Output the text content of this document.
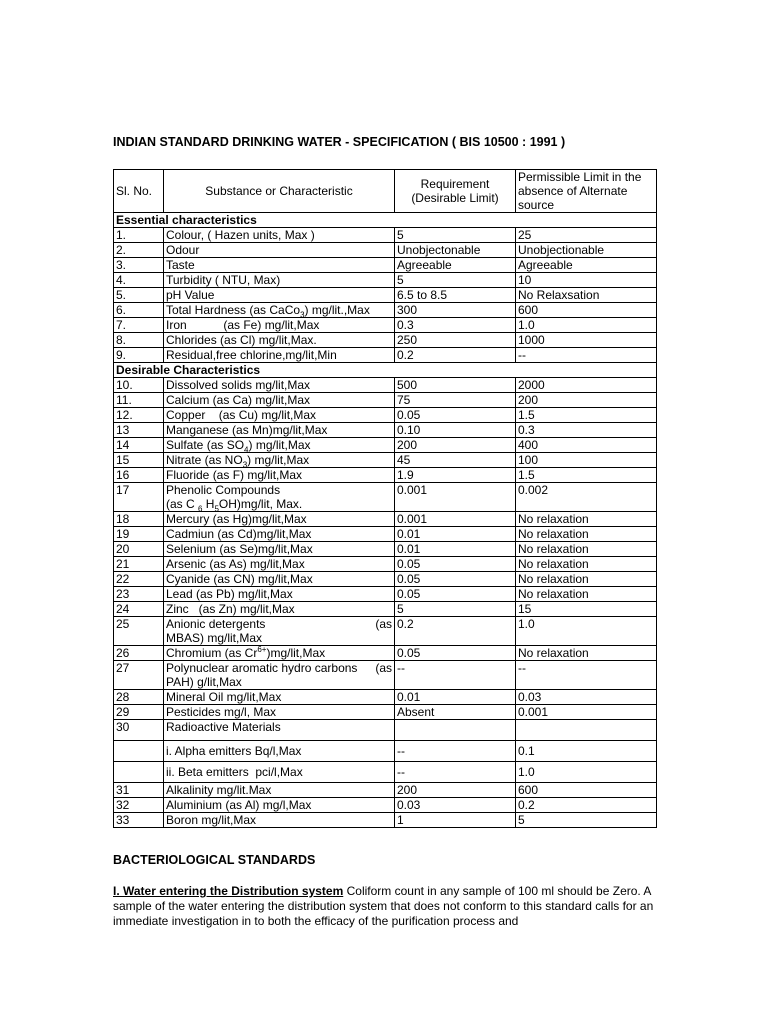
INDIAN STANDARD DRINKING WATER - SPECIFICATION ( BIS 10500 : 1991 )
Sl. No.	Substance or Characteristic	Requirement (Desirable Limit)	Permissible Limit in the absence of Alternate source
Essential characteristics			
1.	Colour, ( Hazen units, Max )	5	25
2.	Odour	Unobjectonable	Unobjectionable
3.	Taste	Agreeable	Agreeable
4.	Turbidity ( NTU, Max)	5	10
5.	pH Value	6.5 to 8.5	No Relaxsation
6.	Total Hardness (as CaCo$_3$) mg/lit.,Max	300	600
7.	Iron           (as Fe) mg/lit,Max	0.3	1.0
8.	Chlorides (as Cl) mg/lit,Max.	250	1000
9.	Residual,free chlorine,mg/lit,Min	0.2	--
Desirable Characteristics			
10.	Dissolved solids mg/lit,Max	500	2000
11.	Calcium (as Ca) mg/lit,Max	75	200
12.	Copper    (as Cu) mg/lit,Max	0.05	1.5
13	Manganese (as Mn)mg/lit,Max	0.10	0.3
14	Sulfate (as $SO_4$) mg/lit,Max	200	400
15	Nitrate (as $NO_3$) mg/lit,Max	45	100
16	Fluoride (as F) mg/lit,Max	1.9	1.5
17	Phenolic Compounds
(as C $_6$ $H_5OH)mg$/lit, Max.	0.001	0.002
18	Mercury (as Hg)mg/lit,Max	0.001	No relaxation
19	Cadmiun (as Cd)mg/lit,Max	0.01	No relaxation
20	Selenium (as Se)mg/lit,Max	0.01	No relaxation
21	Arsenic (as As) mg/lit,Max	0.05	No relaxation
22	Cyanide (as CN) mg/lit,Max	0.05	No relaxation
23	Lead (as Pb) mg/lit,Max	0.05	No relaxation
24	Zinc   (as Zn) mg/lit,Max	5	15
25	Anionic detergents (as
MBAS) mg/lit,Max	0.2	1.0
26	Chromium (as $Cr^{6+})mg/lit,Max$	0.05	No relaxation
27	Polynuclear aromatic hydro carbons (as
PAH) g/lit,Max	--	--
28	Mineral Oil mg/lit,Max	0.01	0.03
29	Pesticides mg/l, Max	Absent	0.001
30	Radioactive Materials		
	i. Alpha emitters Bq/l,Max	--	0.1
	ii. Beta emitters  pci/l,Max	--	1.0
31	Alkalinity mg/lit.Max	200	600
32	Aluminium (as Al) mg/l,Max	0.03	0.2
33	Boron mg/lit,Max	1	5
BACTERIOLOGICAL STANDARDS
I. Water entering the Distribution system Coliform count in any sample of 100 ml should be Zero. A sample of the water entering the distribution system that does not conform to this standard calls for an immediate investigation in to both the efficacy of the purification process and
